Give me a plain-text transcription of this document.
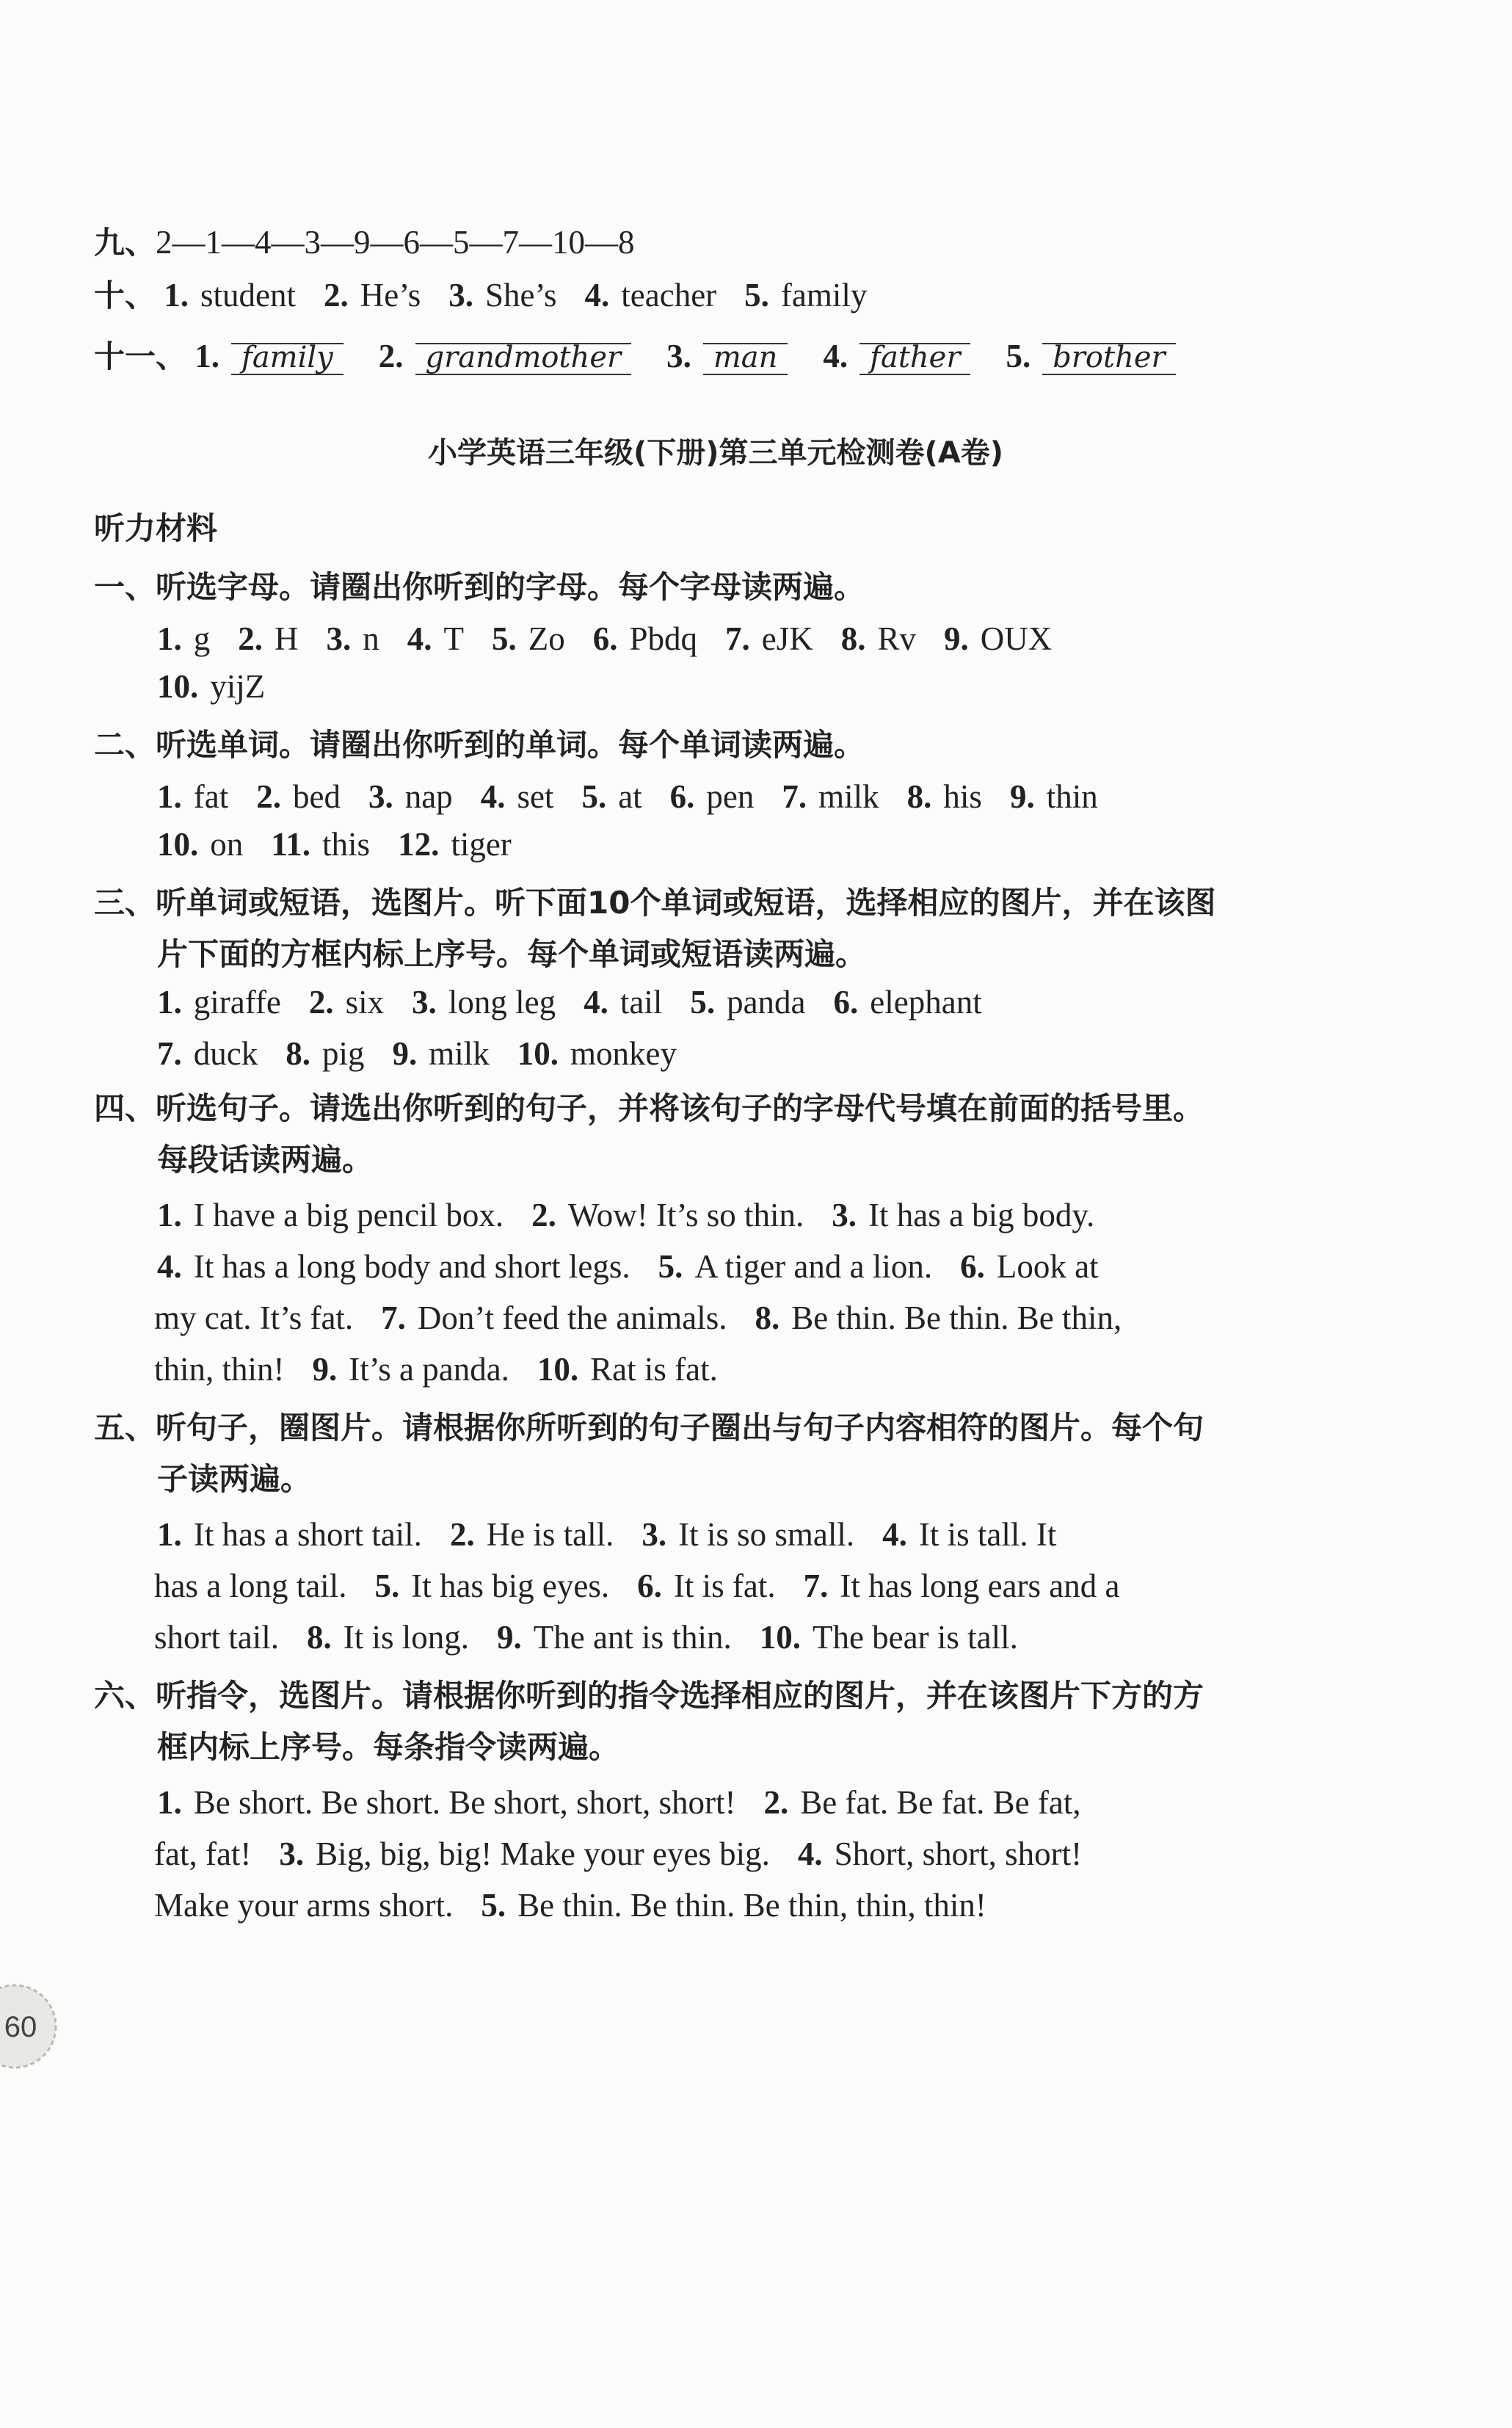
九、2—1—4—3—9—6—5—7—10—8
十、 1. student 2. He’s 3. She’s 4. teacher 5. family
十一、 1. family 2. grandmother 3. man 4. father 5. brother
小学英语三年级(下册)第三单元检测卷(A卷)
听力材料
一、听选字母。请圈出你听到的字母。每个字母读两遍。
1. g 2. H 3. n 4. T 5. Zo 6. Pbdq 7. eJK 8. Rv 9. OUX
10. yijZ
二、听选单词。请圈出你听到的单词。每个单词读两遍。
1. fat 2. bed 3. nap 4. set 5. at 6. pen 7. milk 8. his 9. thin
10. on 11. this 12. tiger
三、听单词或短语，选图片。听下面10个单词或短语，选择相应的图片，并在该图
片下面的方框内标上序号。每个单词或短语读两遍。
1. giraffe 2. six 3. long leg 4. tail 5. panda 6. elephant
7. duck 8. pig 9. milk 10. monkey
四、听选句子。请选出你听到的句子，并将该句子的字母代号填在前面的括号里。
每段话读两遍。
1. I have a big pencil box. 2. Wow! It’s so thin. 3. It has a big body.
4. It has a long body and short legs. 5. A tiger and a lion. 6. Look at
my cat. It’s fat. 7. Don’t feed the animals. 8. Be thin. Be thin. Be thin,
thin, thin! 9. It’s a panda. 10. Rat is fat.
五、听句子，圈图片。请根据你所听到的句子圈出与句子内容相符的图片。每个句
子读两遍。
1. It has a short tail. 2. He is tall. 3. It is so small. 4. It is tall. It
has a long tail. 5. It has big eyes. 6. It is fat. 7. It has long ears and a
short tail. 8. It is long. 9. The ant is thin. 10. The bear is tall.
六、听指令，选图片。请根据你听到的指令选择相应的图片，并在该图片下方的方
框内标上序号。每条指令读两遍。
1. Be short. Be short. Be short, short, short! 2. Be fat. Be fat. Be fat,
fat, fat! 3. Big, big, big! Make your eyes big. 4. Short, short, short!
Make your arms short. 5. Be thin. Be thin. Be thin, thin, thin!
60
